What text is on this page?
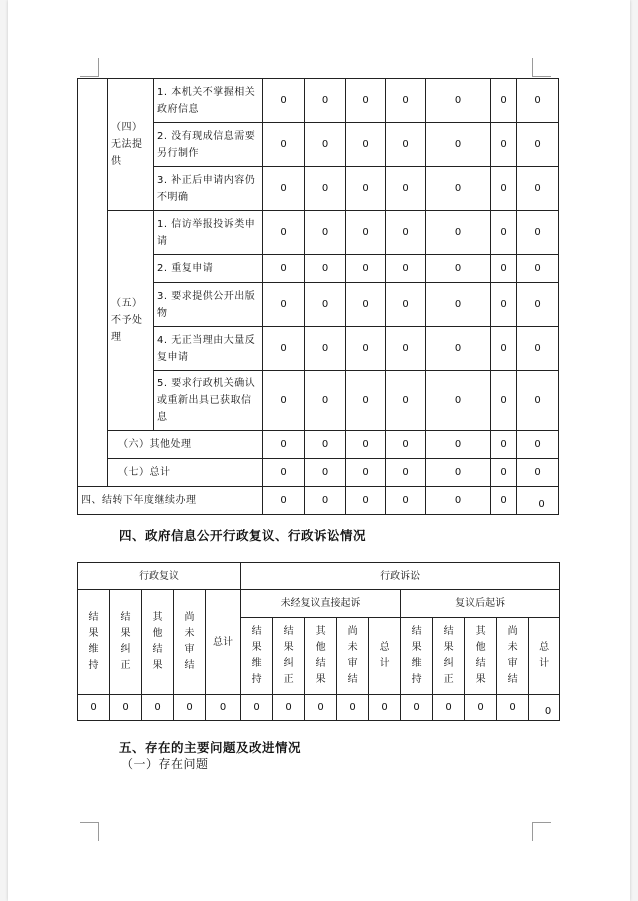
	（四）无法提供	1. 本机关不掌握相关政府信息	0	0	0	0	0	0	0
		2. 没有现成信息需要另行制作	0	0	0	0	0	0	0
		3. 补正后申请内容仍不明确	0	0	0	0	0	0	0
	（五）不予处理	1. 信访举报投诉类申请	0	0	0	0	0	0	0
		2. 重复申请	0	0	0	0	0	0	0
		3. 要求提供公开出版物	0	0	0	0	0	0	0
		4. 无正当理由大量反复申请	0	0	0	0	0	0	0
		5. 要求行政机关确认或重新出具已获取信息	0	0	0	0	0	0	0
	（六）其他处理		0	0	0	0	0	0	0
	（七）总计		0	0	0	0	0	0	0
四、结转下年度继续办理			0	0	0	0	0	0	0
四、政府信息公开行政复议、行政诉讼情况
行政复议					行政诉讼									

结果维持	结果纠正	其他结果	尚未审结	总计	未经复议直接起诉					复议后起诉				

					结果维持	结果纠正	其他结果	尚未审结	总计	结果维持	结果纠正	其他结果	尚未审结	总计

0	0	0	0	0	0	0	0	0	0	0	0	0	0	0
五、存在的主要问题及改进情况
（一）存在问题
